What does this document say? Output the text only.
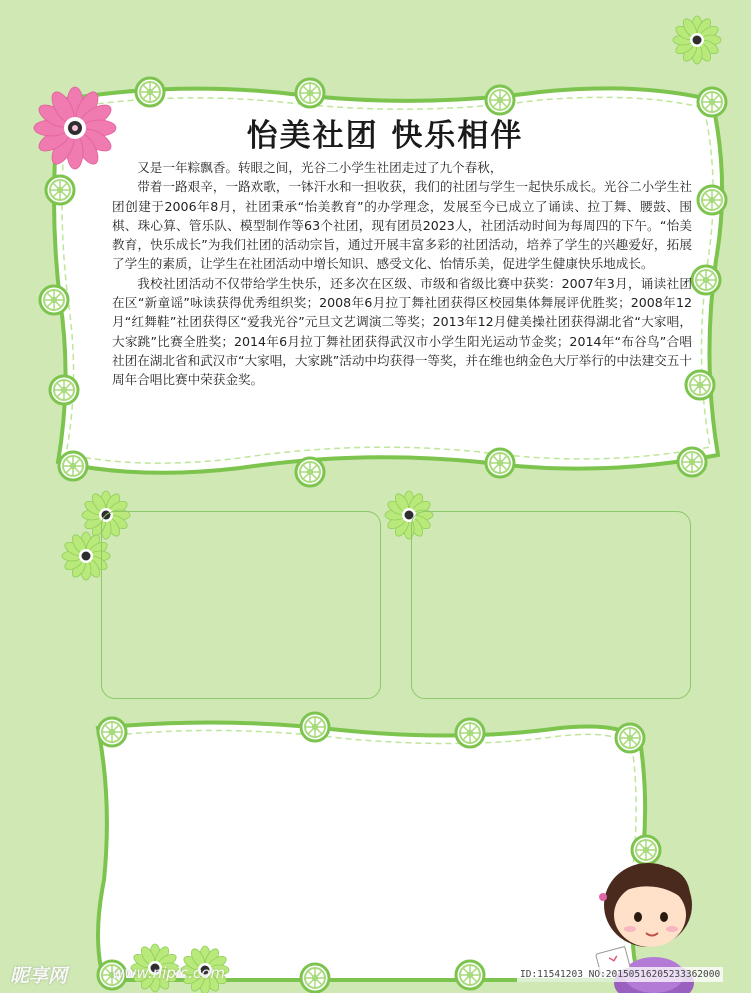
怡美社团 快乐相伴

又是一年粽飘香。转眼之间，光谷二小学生社团走过了九个春秋，

带着一路艰辛，一路欢歌，一钵汗水和一担收获，我们的社团与学生一起快乐成长。光谷二小学生社团创建于2006年8月，社团秉承“怡美教育”的办学理念，发展至今已成立了诵读、拉丁舞、腰鼓、围棋、珠心算、管乐队、模型制作等63个社团，现有团员2023人，社团活动时间为每周四的下午。“怡美教育，快乐成长”为我们社团的活动宗旨，通过开展丰富多彩的社团活动，培养了学生的兴趣爱好，拓展了学生的素质，让学生在社团活动中增长知识、感受文化、怡情乐美，促进学生健康快乐地成长。

我校社团活动不仅带给学生快乐，还多次在区级、市级和省级比赛中获奖：2007年3月，诵读社团在区“新童谣”咏读获得优秀组织奖；2008年6月拉丁舞社团获得区校园集体舞展评优胜奖；2008年12月“红舞鞋”社团获得区“爱我光谷”元旦文艺调演二等奖；2013年12月健美操社团获得湖北省“大家唱，大家跳”比赛全胜奖；2014年6月拉丁舞社团获得武汉市小学生阳光运动节金奖；2014年“布谷鸟”合唱社团在湖北省和武汉市“大家唱，大家跳”活动中均获得一等奖，并在维也纳金色大厅举行的中法建交五十周年合唱比赛中荣获金奖。

昵享网	www.nipic.com	ID:11541203 NO:20150516205233362000
